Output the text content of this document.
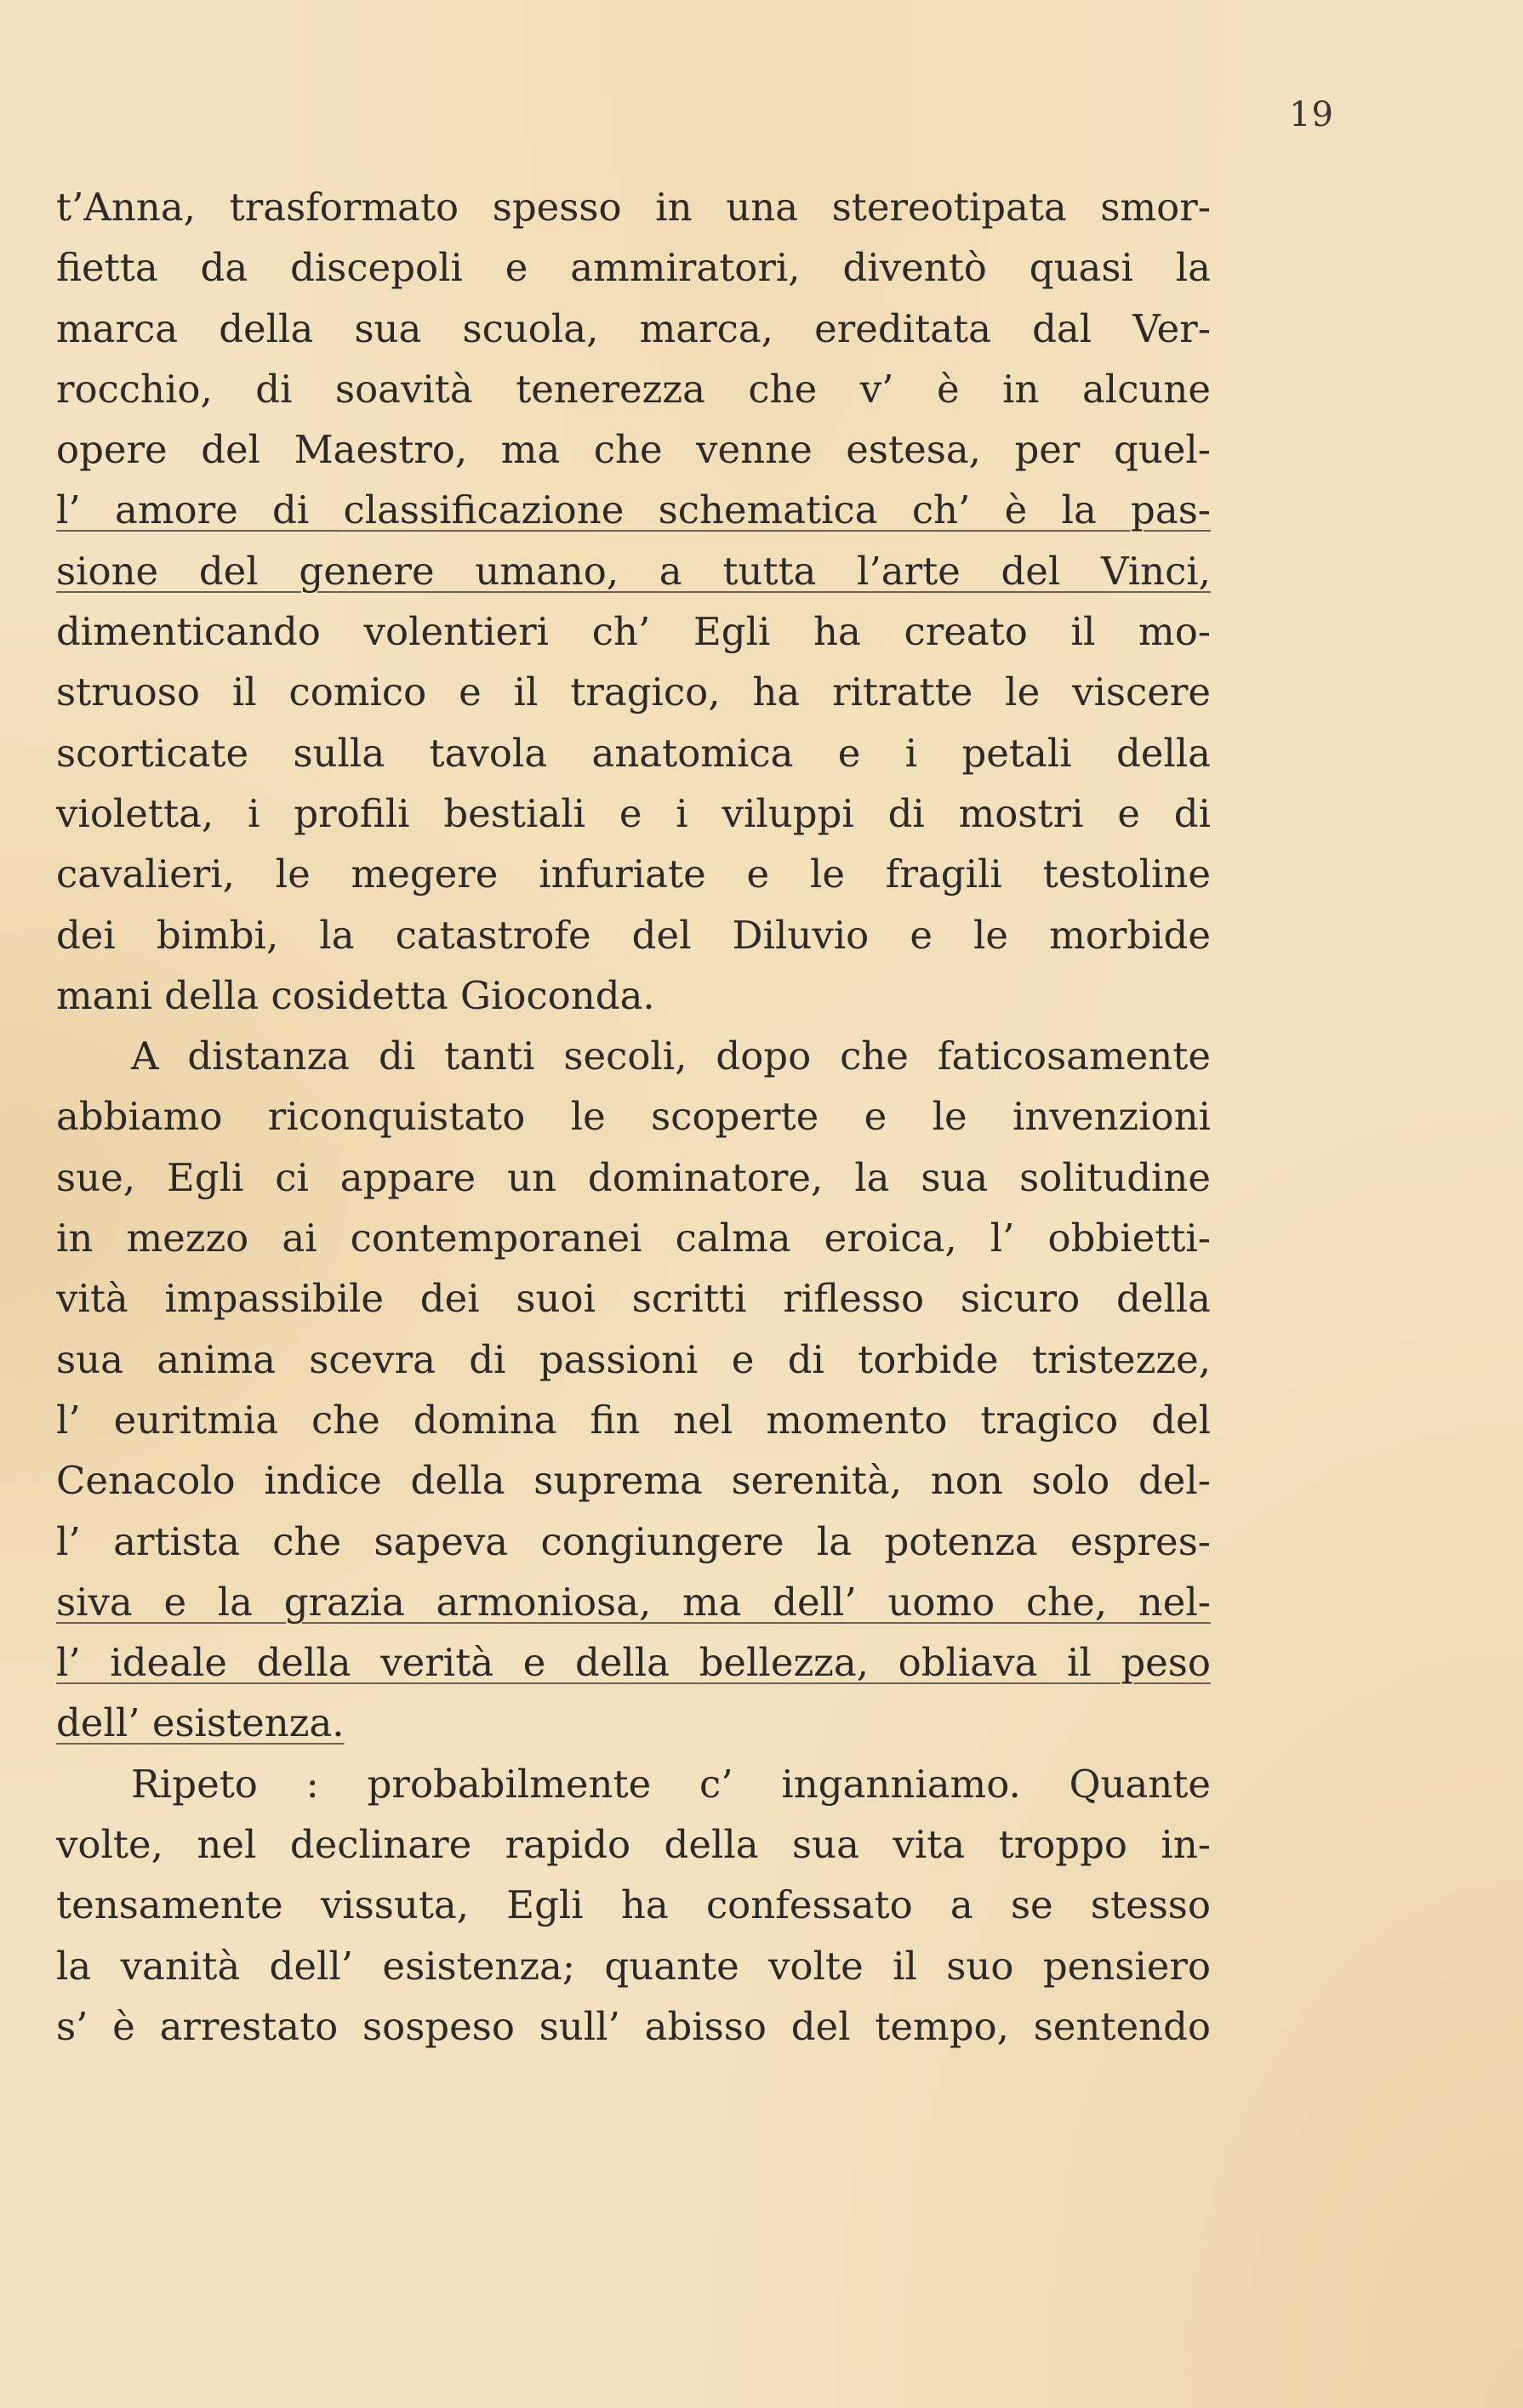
19
t’Anna, trasformato spesso in una stereotipata smor-
fietta da discepoli e ammiratori, diventò quasi la
marca della sua scuola, marca, ereditata dal Ver-
rocchio, di soavità tenerezza che v’ è in alcune
opere del Maestro, ma che venne estesa, per quel-
l’ amore di classificazione schematica ch’ è la pas-
sione del genere umano, a tutta l’arte del Vinci,
dimenticando volentieri ch’ Egli ha creato il mo-
struoso il comico e il tragico, ha ritratte le viscere
scorticate sulla tavola anatomica e i petali della
violetta, i profili bestiali e i viluppi di mostri e di
cavalieri, le megere infuriate e le fragili testoline
dei bimbi, la catastrofe del Diluvio e le morbide
mani della cosidetta Gioconda.
A distanza di tanti secoli, dopo che faticosamente
abbiamo riconquistato le scoperte e le invenzioni
sue, Egli ci appare un dominatore, la sua solitudine
in mezzo ai contemporanei calma eroica, l’ obbietti-
vità impassibile dei suoi scritti riflesso sicuro della
sua anima scevra di passioni e di torbide tristezze,
l’ euritmia che domina fin nel momento tragico del
Cenacolo indice della suprema serenità, non solo del-
l’ artista che sapeva congiungere la potenza espres-
siva e la grazia armoniosa, ma dell’ uomo che, nel-
l’ ideale della verità e della bellezza, obliava il peso
dell’ esistenza.
Ripeto : probabilmente c’ inganniamo. Quante
volte, nel declinare rapido della sua vita troppo in-
tensamente vissuta, Egli ha confessato a se stesso
la vanità dell’ esistenza; quante volte il suo pensiero
s’ è arrestato sospeso sull’ abisso del tempo, sentendo
